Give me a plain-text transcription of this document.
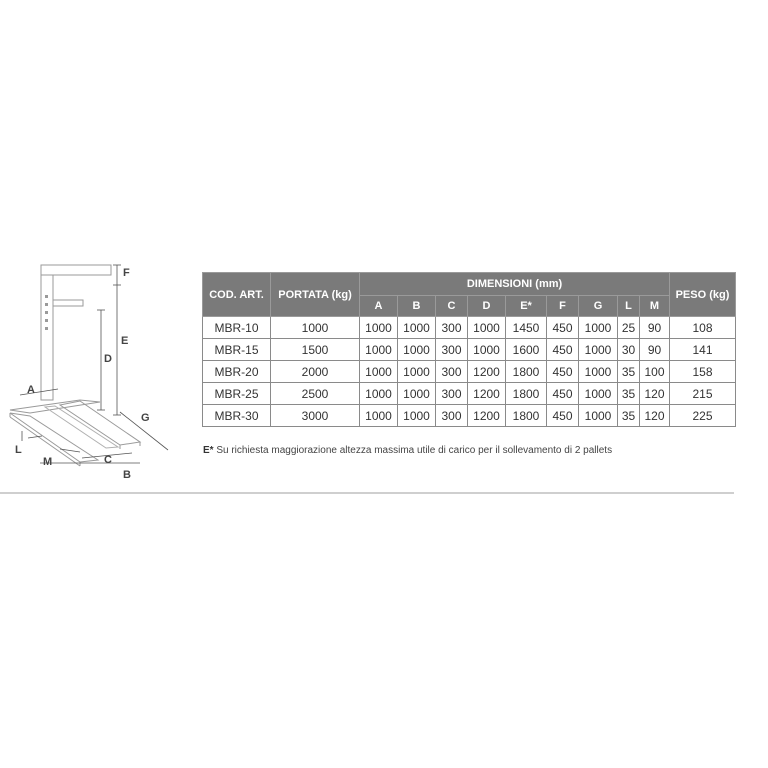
F
E
D
A
G
L
M	C
B
COD. ART.	PORTATA (kg)	DIMENSIONI (mm)									PESO (kg)
		A	B	C	D	E*	F	G	L	M	
MBR-10	1000	1000	1000	300	1000	1450	450	1000	25	90	108
MBR-15	1500	1000	1000	300	1000	1600	450	1000	30	90	141
MBR-20	2000	1000	1000	300	1200	1800	450	1000	35	100	158
MBR-25	2500	1000	1000	300	1200	1800	450	1000	35	120	215
MBR-30	3000	1000	1000	300	1200	1800	450	1000	35	120	225
E* Su richiesta maggiorazione altezza massima utile di carico per il sollevamento di 2 pallets
